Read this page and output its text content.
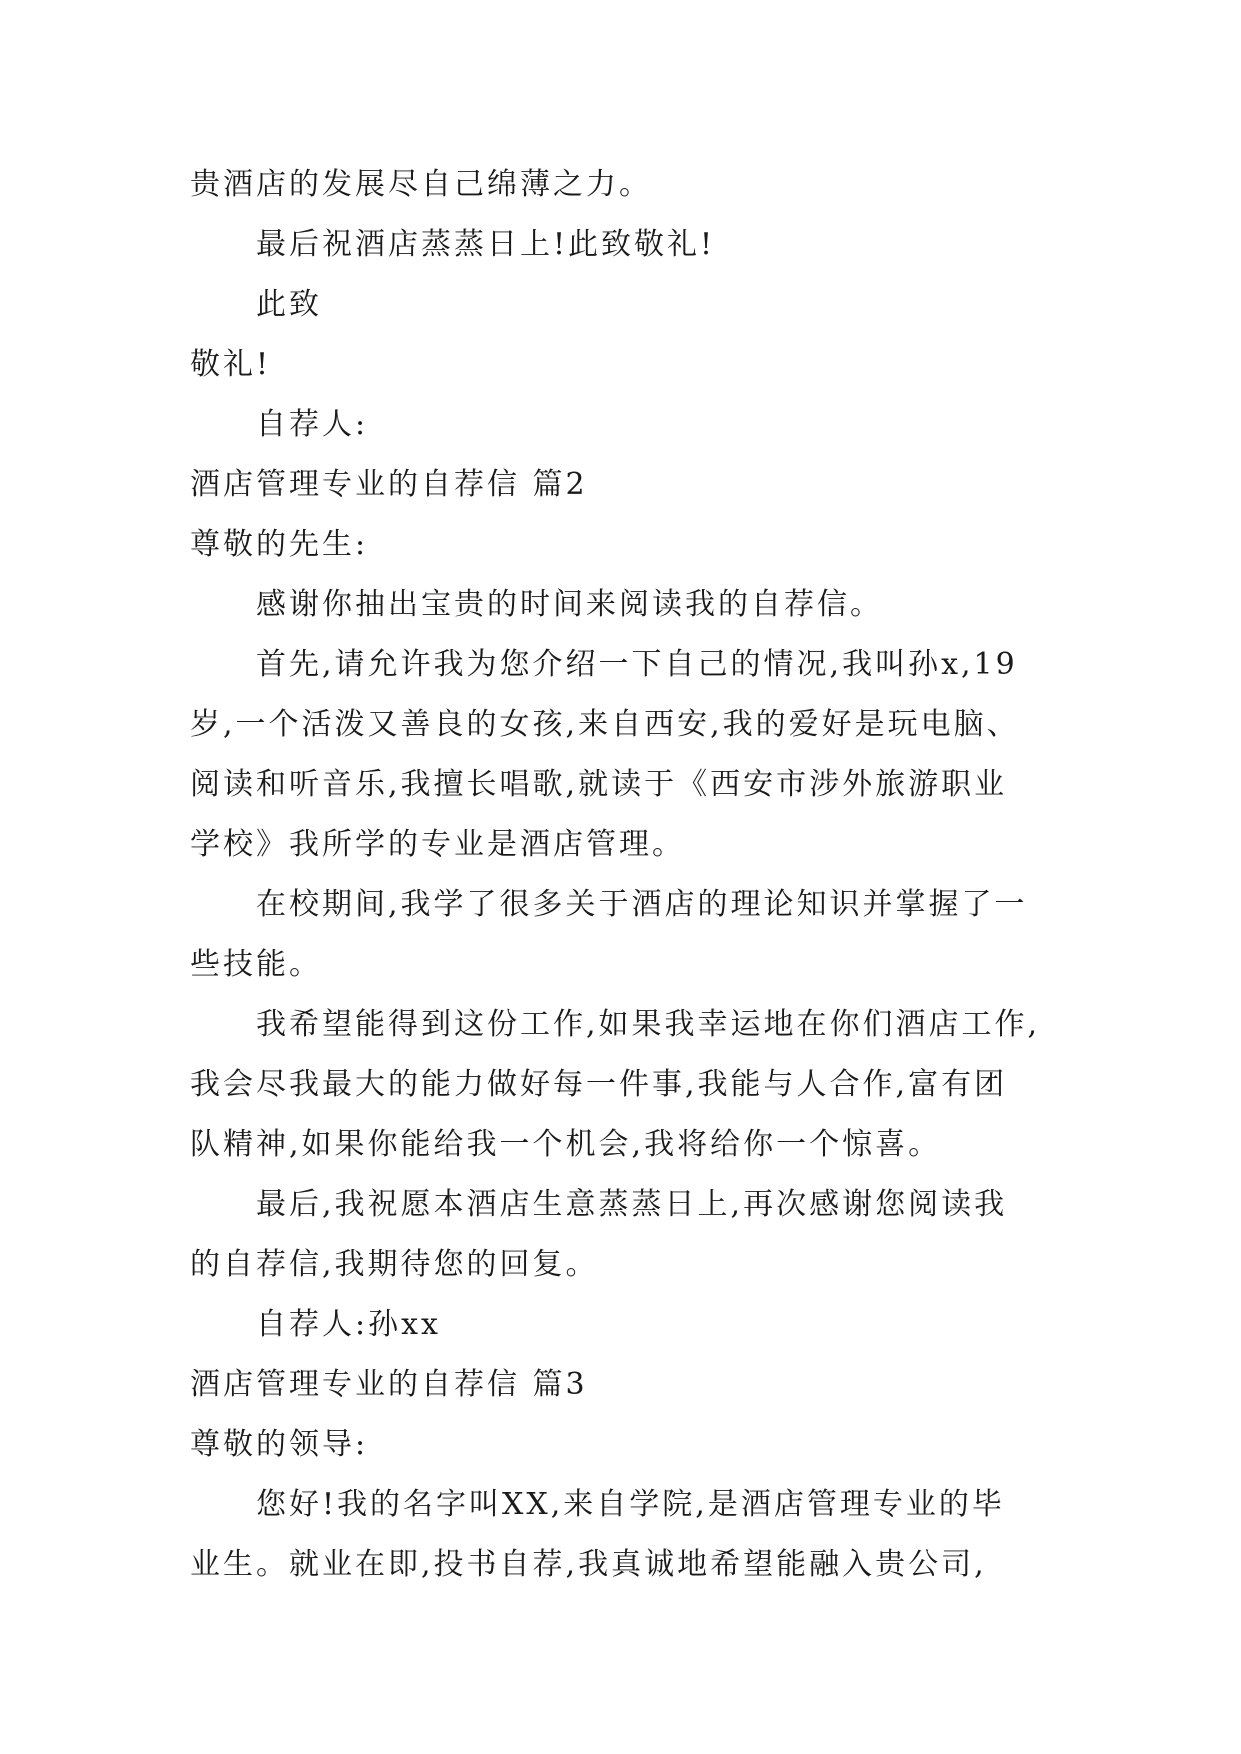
贵酒店的发展尽自己绵薄之力。
最后祝酒店蒸蒸日上!此致敬礼!
此致
敬礼!
自荐人:
酒店管理专业的自荐信 篇2
尊敬的先生:
感谢你抽出宝贵的时间来阅读我的自荐信。
首先,请允许我为您介绍一下自己的情况,我叫孙x,19
岁,一个活泼又善良的女孩,来自西安,我的爱好是玩电脑、
阅读和听音乐,我擅长唱歌,就读于《西安市涉外旅游职业
学校》我所学的专业是酒店管理。
在校期间,我学了很多关于酒店的理论知识并掌握了一
些技能。
我希望能得到这份工作,如果我幸运地在你们酒店工作,
我会尽我最大的能力做好每一件事,我能与人合作,富有团
队精神,如果你能给我一个机会,我将给你一个惊喜。
最后,我祝愿本酒店生意蒸蒸日上,再次感谢您阅读我
的自荐信,我期待您的回复。
自荐人:孙xx
酒店管理专业的自荐信 篇3
尊敬的领导:
您好!我的名字叫XX,来自学院,是酒店管理专业的毕
业生。就业在即,投书自荐,我真诚地希望能融入贵公司,
